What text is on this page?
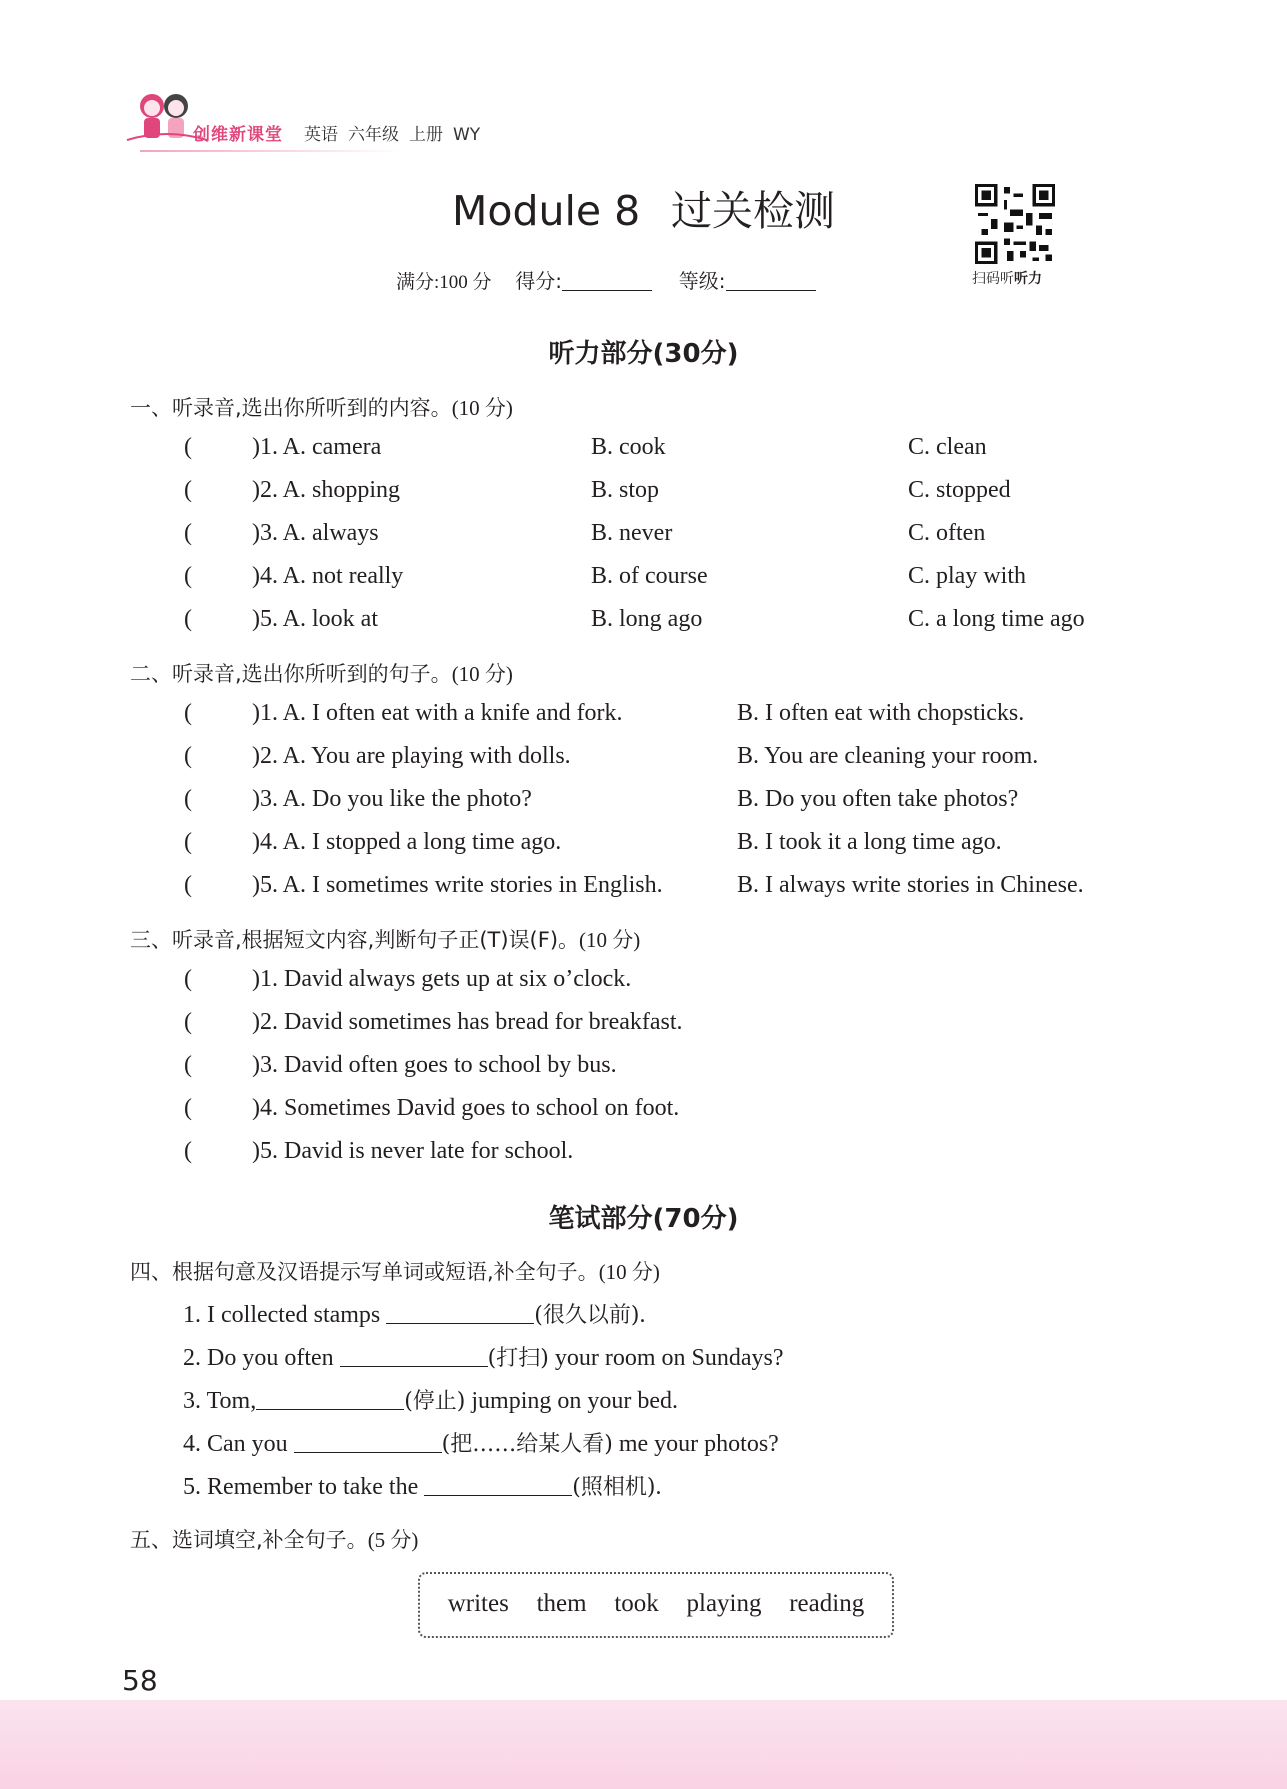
创维新课堂 英语 六年级 上册 WY
Module 8 过关检测
扫码听听力
满分:100 分 得分:	等级:
听力部分(30分)
一、听录音,选出你所听到的内容。(10 分)
(	)1. A. camera	B. cook	C. clean
(	)2. A. shopping	B. stop	C. stopped
(	)3. A. always	B. never	C. often
(	)4. A. not really	B. of course	C. play with
(	)5. A. look at	B. long ago	C. a long time ago
二、听录音,选出你所听到的句子。(10 分)
(	)1. A. I often eat with a knife and fork.	B. I often eat with chopsticks.
(	)2. A. You are playing with dolls.	B. You are cleaning your room.
(	)3. A. Do you like the photo?	B. Do you often take photos?
(	)4. A. I stopped a long time ago.	B. I took it a long time ago.
(	)5. A. I sometimes write stories in English.	B. I always write stories in Chinese.
三、听录音,根据短文内容,判断句子正(T)误(F)。(10 分)
(	)1. David always gets up at six o’clock.
(	)2. David sometimes has bread for breakfast.
(	)3. David often goes to school by bus.
(	)4. Sometimes David goes to school on foot.
(	)5. David is never late for school.
笔试部分(70分)
四、根据句意及汉语提示写单词或短语,补全句子。(10 分)
1. I collected stamps	(很久以前).
2. Do you often	(打扫) your room on Sundays?
3. Tom,	(停止) jumping on your bed.
4. Can you	(把……给某人看) me your photos?
5. Remember to take the	(照相机).
五、选词填空,补全句子。(5 分)
writes them took playing reading
58
